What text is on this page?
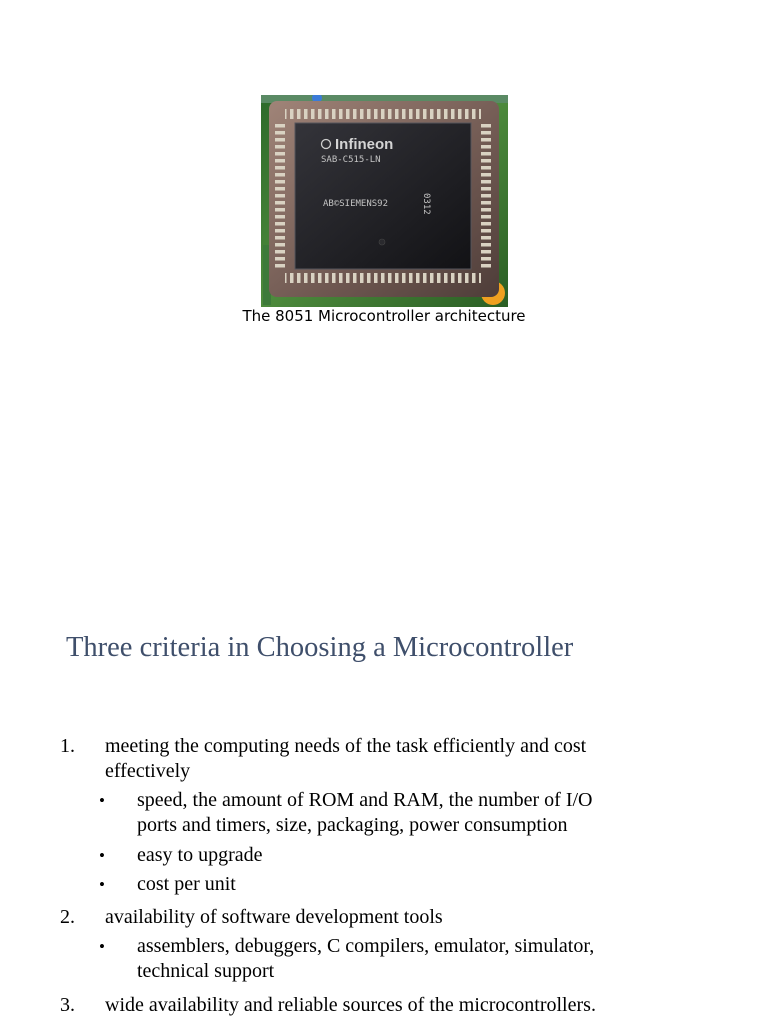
Infineon
SAB-C515-LN
AB©SIEMENS92	0312
The 8051 Microcontroller architecture
Three criteria in Choosing a Microcontroller
1. meeting the computing needs of the task efficiently and cost
effectively
• speed, the amount of ROM and RAM, the number of I/O
ports and timers, size, packaging, power consumption
• easy to upgrade
• cost per unit
2. availability of software development tools
• assemblers, debuggers, C compilers, emulator, simulator,
technical support
3. wide availability and reliable sources of the microcontrollers.
